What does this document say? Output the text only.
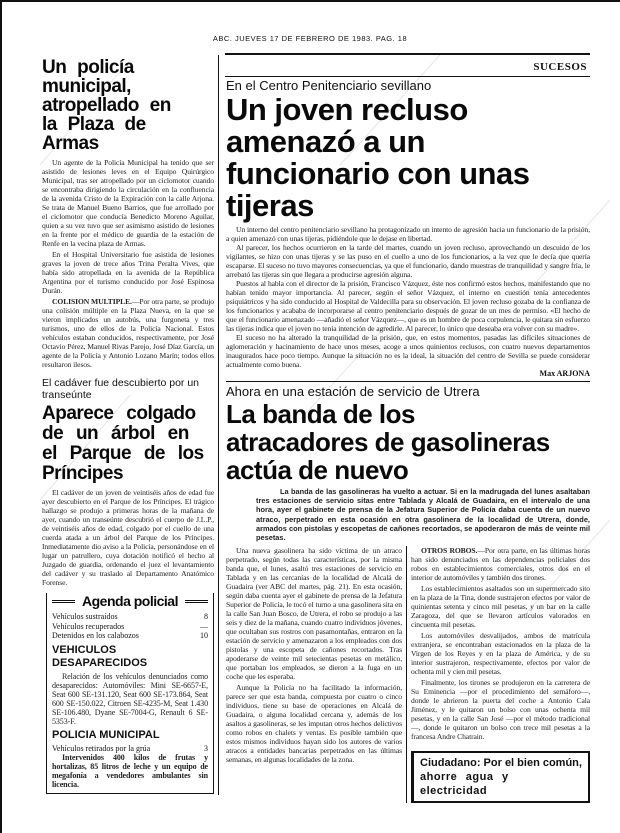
ABC. JUEVES 17 DE FEBRERO DE 1983. PAG. 18
SUCESOS
Un policía municipal, atropellado en la Plaza de Armas

Un agente de la Policía Municipal ha tenido que ser asistido de lesiones leves en el Equipo Quirúrgico Municipal, tras ser atropellado por un ciclomotor cuando se encontraba dirigiendo la circulación en la confluencia de la avenida Cristo de la Expiración con la calle Arjona. Se trata de Manuel Bueno Barrios, que fue arrollado por el ciclomotor que conducía Benedicto Moreno Aguilar, quien a su vez tuvo que ser asimismo asistido de lesiones en la frente por el médico de guardia de la estación de Renfe en la vecina plaza de Armas.

En el Hospital Universitario fue asistida de lesiones graves la joven de trece años Trina Peralta Vives, que había sido atropellada en la avenida de la República Argentina por el turismo conducido por José Espinosa Durán.

COLISION MULTIPLE.—Por otra parte, se produjo una colisión múltiple en la Plaza Nueva, en la que se vieron implicados un autobús, una furgoneta y tres turismos, uno de ellos de la Policía Nacional. Estos vehículos estaban conducidos, respectivamente, por José Octavio Pérez, Manuel Rivas Parejo, José Díaz García, un agente de la Policía y Antonio Lozano Marín; todos ellos resultaron ilesos.

El cadáver fue descubierto por un transeúnte
Aparece colgado de un árbol en el Parque de los Príncipes

El cadáver de un joven de veintiséis años de edad fue ayer descubierto en el Parque de los Príncipes. El trágico hallazgo se produjo a primeras horas de la mañana de ayer, cuando un transeúnte descubrió el cuerpo de J.L.P., de veintiséis años de edad, colgado por el cuello de una cuerda atada a un árbol del Parque de los Príncipes. Inmediatamente dio aviso a la Policía, personándose en el lugar un patrullero, cuya dotación notificó el hecho al Juzgado de guardia, ordenando el juez el levantamiento del cadáver y su traslado al Departamento Anatómico Forense.

Agenda policial
Vehículos sustraídos	8
Vehículos recuperados	—
Detenidos en los calabozos	10
VEHICULOS DESAPARECIDOS

Relación de los vehículos denunciados como desaparecidos: Automóviles: Mini SE-6657-E, Seat 600 SE-131.120, Seat 600 SE-173.864, Seat 600 SE-150.022, Citroen SE-4235-M, Seat 1.430 SE-106.480, Dyane SE-7004-G, Renault 6 SE-5353-F.

POLICIA MUNICIPAL
Vehículos retirados por la grúa	3

Intervenidos 400 kilos de frutas y hortalizas, 85 litros de leche y un equipo de megafonía a vendedores ambulantes sin licencia.

En el Centro Penitenciario sevillano
Un joven recluso amenazó a un funcionario con unas tijeras

Un interno del centro penitenciario sevillano ha protagonizado un intento de agresión hacia un funcionario de la prisión, a quien amenazó con unas tijeras, pidiéndole que le dejase en libertad.

Al parecer, los hechos ocurrieron en la tarde del martes, cuando un joven recluso, aprovechando un descuido de los vigilantes, se hizo con unas tijeras y se las puso en el cuello a uno de los funcionarios, a la vez que le decía que quería escaparse. El suceso no tuvo mayores consecuencias, ya que el funcionario, dando muestras de tranquilidad y sangre fría, le arrebató las tijeras sin que llegara a producirse agresión alguna.

Puestos al habla con el director de la prisión, Francisco Vázquez, éste nos confirmó estos hechos, manifestando que no habían tenido mayor importancia. Al parecer, según el señor Vázquez, el interno en cuestión tenía antecedentes psiquiátricos y ha sido conducido al Hospital de Valdecilla para su observación. El joven recluso gozaba de la confianza de los funcionarios y acababa de incorporarse al centro penitenciario después de gozar de un mes de permiso. «El hecho de que el funcionario amenazado —añadió el señor Vázquez—, que es un hombre de poca corpulencia, le quitara sin esfuerzo las tijeras indica que el joven no tenía intención de agredirle. Al parecer, lo único que deseaba era volver con su madre».

El suceso no ha alterado la tranquilidad de la prisión, que, en estos momentos, pasadas las difíciles situaciones de aglomeración y hacinamiento de hace unos meses, acoge a unos quinientos reclusos, con cuatro nuevos departamentos inaugurados hace poco tiempo. Aunque la situación no es la ideal, la situación del centro de Sevilla se puede considerar actualmente como buena.

Max ARJONA
Ahora en una estación de servicio de Utrera
La banda de los atracadores de gasolineras actúa de nuevo

La banda de las gasolineras ha vuelto a actuar. Si en la madrugada del lunes asaltaban tres estaciones de servicio sitas entre Tablada y Alcalá de Guadaira, en el intervalo de una hora, ayer el gabinete de prensa de la Jefatura Superior de Policía daba cuenta de un nuevo atraco, perpetrado en esta ocasión en otra gasolinera de la localidad de Utrera, donde, armados con pistolas y escopetas de cañones recortados, se apoderaron de más de veinte mil pesetas.

Una nueva gasolinera ha sido víctima de un atraco perpetrado, según todas las características, por la misma banda que, el lunes, asaltó tres estaciones de servicio en Tablada y en las cercanías de la localidad de Alcalá de Guadaira (ver ABC del martes, pág. 21). En esta ocasión, según daba cuenta ayer el gabinete de prensa de la Jefatura Superior de Policía, le tocó el turno a una gasolinera sita en la calle San Juan Bosco, de Utrera, el robo se produjo a las seis y diez de la mañana, cuando cuatro individuos jóvenes, que ocultaban sus rostros con pasamontañas, entraron en la estación de servicio y amenazaron a los empleados con dos pistolas y una escopeta de cañones recortados. Tras apoderarse de veinte mil setecientas pesetas en metálico, que portaban los empleados, se dieron a la fuga en un coche que les esperaba.

Aunque la Policía no ha facilitado la información, parece ser que esta banda, compuesta por cuatro o cinco individuos, tiene su base de operaciones en Alcalá de Guadaira, o alguna localidad cercana y, además de los asaltos a gasolineras, se les imputan otros hechos delictivos como robos en chalets y ventas. Es posible también que estos mismos individuos hayan sido los autores de varios atracos a entidades bancarias perpetrados en las últimas semanas, en algunas localidades de la zona.

OTROS ROBOS.—Por otra parte, en las últimas horas han sido denunciados en las dependencias policiales dos robos en establecimientos comerciales, otros dos en el interior de automóviles y también dos tirones.

Los establecimientos asaltados son un supermercado sito en la plaza de la Tina, donde sustrajeron efectos por valor de quinientas setenta y cinco mil pesetas, y un bar en la calle Zaragoza, del que se llevaron artículos valorados en cincuenta mil pesetas.

Los automóviles desvalijados, ambos de matrícula extranjera, se encontraban estacionados en la plaza de la Virgen de los Reyes y en la plaza de América, y de su interior sustrajeron, respectivamente, efectos por valor de ochenta mil y cien mil pesetas.

Finalmente, los tirones se produjeron en la carretera de Su Eminencia —por el procedimiento del semáforo—, donde le abrieron la puerta del coche a Antonio Cala Jiménez, y le quitaron un bolso con unas ochenta mil pesetas, y en la calle San José —por el método tradicional—, donde le quitaron un bolso con trece mil pesetas a la francesa Andre Chatrain.

Ciudadano: Por el bien común,
ahorre agua y electricidad
